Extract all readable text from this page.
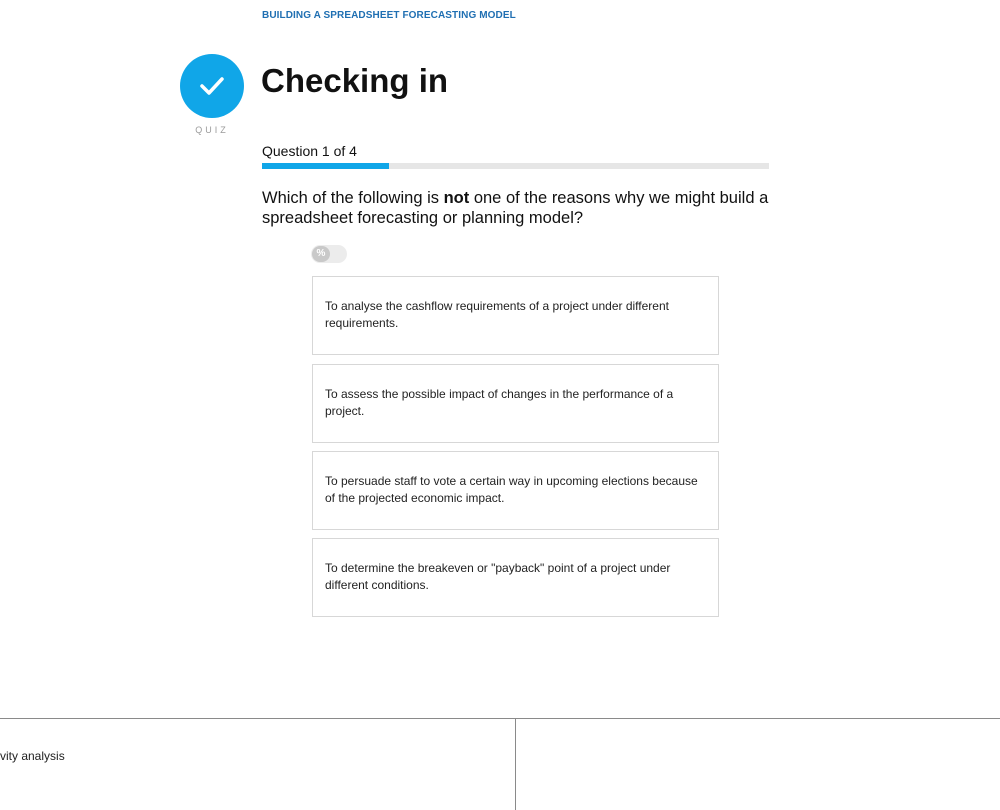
BUILDING A SPREADSHEET FORECASTING MODEL
QUIZ
Checking in
Question 1 of 4
Which of the following is not one of the reasons why we might build a spreadsheet forecasting or planning model?
%
To analyse the cashflow requirements of a project under different requirements.
To assess the possible impact of changes in the performance of a project.
To persuade staff to vote a certain way in upcoming elections because of the projected economic impact.
To determine the breakeven or "payback" point of a project under different conditions.
vity analysis
